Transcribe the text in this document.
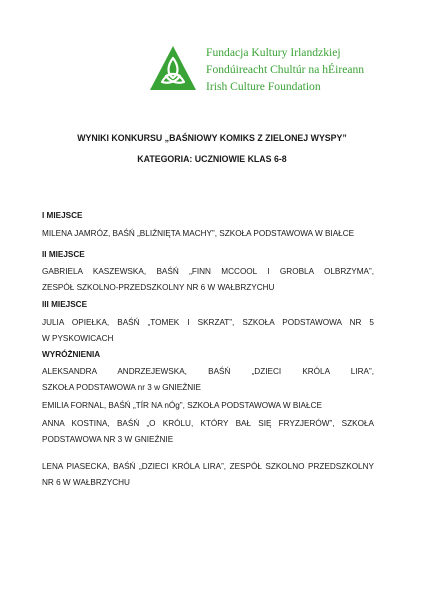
Fundacja Kultury Irlandzkiej
Fondúireacht Chultúr na hÉireann
Irish Culture Foundation
WYNIKI KONKURSU „BAŚNIOWY KOMIKS Z ZIELONEJ WYSPY”
KATEGORIA: UCZNIOWIE KLAS 6-8
I MIEJSCE
MILENA JAMRÓZ, BAŚŃ „BLIŹNIĘTA MACHY”, SZKOŁA PODSTAWOWA W BIAŁCE
II MIEJSCE
GABRIELA KASZEWSKA, BAŚŃ „FINN MCCOOL I GROBLA OLBRZYMA”,
ZESPÓŁ SZKOLNO-PRZEDSZKOLNY NR 6 W WAŁBRZYCHU
III MIEJSCE
JULIA OPIEŁKA, BAŚŃ „TOMEK I SKRZAT”, SZKOŁA PODSTAWOWA NR 5
W PYSKOWICACH
WYRÓŻNIENIA
ALEKSANDRA ANDRZEJEWSKA, BAŚŃ „DZIECI KRÓLA LIRA”,
SZKOŁA PODSTAWOWA nr 3 w GNIEŹNIE
EMILIA FORNAL, BAŚŃ „TÍR NA nÓg”, SZKOŁA PODSTAWOWA W BIAŁCE
ANNA KOSTINA, BAŚŃ „O KRÓLU, KTÓRY BAŁ SIĘ FRYZJERÓW”, SZKOŁA
PODSTAWOWA NR 3 W GNIEŹNIE
LENA PIASECKA, BAŚŃ „DZIECI KRÓLA LIRA”, ZESPÓŁ SZKOLNO PRZEDSZKOLNY
NR 6 W WAŁBRZYCHU
